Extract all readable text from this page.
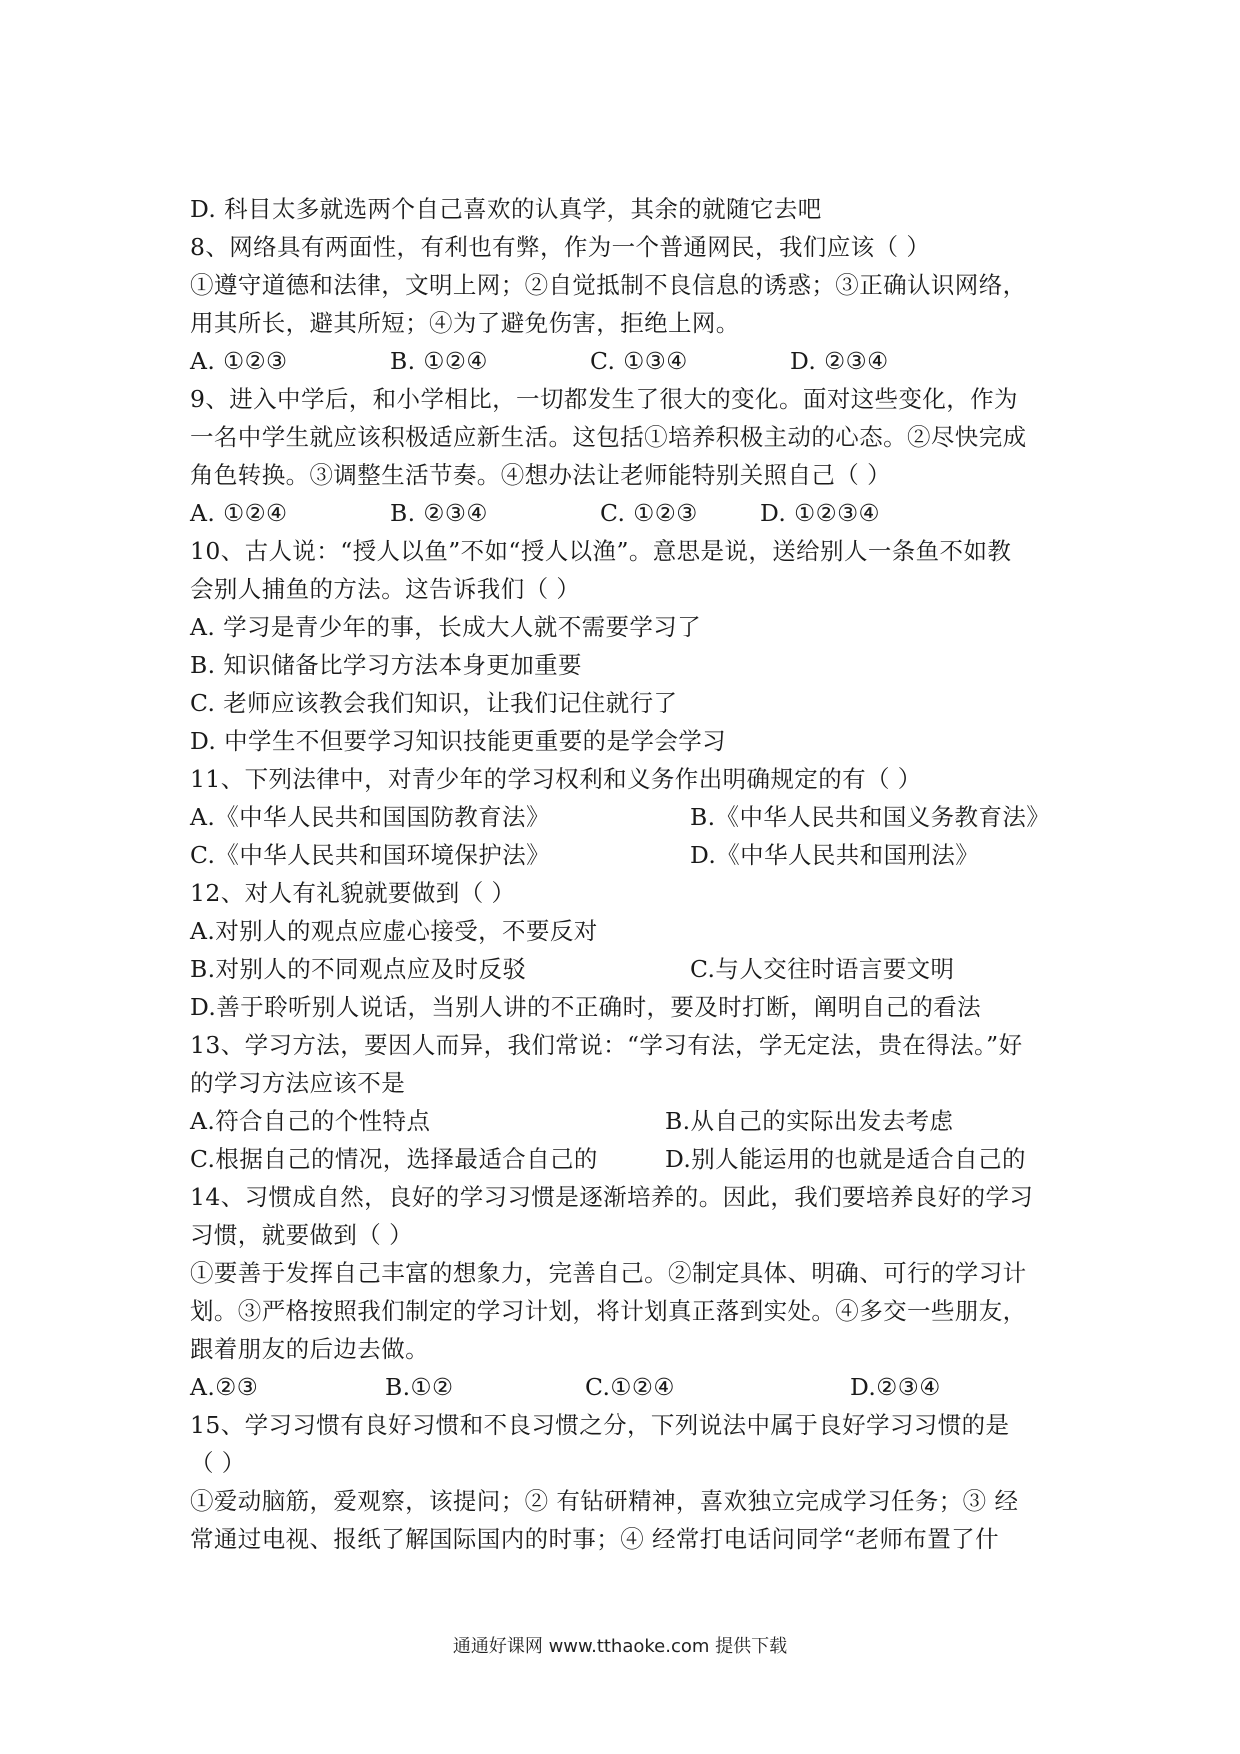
D. 科目太多就选两个自己喜欢的认真学，其余的就随它去吧
8、网络具有两面性，有利也有弊，作为一个普通网民，我们应该（ ）
①遵守道德和法律，文明上网；②自觉抵制不良信息的诱惑；③正确认识网络，
用其所长，避其所短；④为了避免伤害，拒绝上网。
A. ①②③	B. ①②④	C. ①③④	D. ②③④
9、进入中学后，和小学相比，一切都发生了很大的变化。面对这些变化，作为
一名中学生就应该积极适应新生活。这包括①培养积极主动的心态。②尽快完成
角色转换。③调整生活节奏。④想办法让老师能特别关照自己（ ）
A. ①②④	B. ②③④	C. ①②③	D. ①②③④
10、古人说：“授人以鱼”不如“授人以渔”。意思是说，送给别人一条鱼不如教
会别人捕鱼的方法。这告诉我们（ ）
A. 学习是青少年的事，长成大人就不需要学习了
B. 知识储备比学习方法本身更加重要
C. 老师应该教会我们知识，让我们记住就行了
D. 中学生不但要学习知识技能更重要的是学会学习
11、下列法律中，对青少年的学习权利和义务作出明确规定的有（ ）
A.《中华人民共和国国防教育法》	B.《中华人民共和国义务教育法》
C.《中华人民共和国环境保护法》	D.《中华人民共和国刑法》
12、对人有礼貌就要做到（ ）
A.对别人的观点应虚心接受，不要反对
B.对别人的不同观点应及时反驳	C.与人交往时语言要文明
D.善于聆听别人说话，当别人讲的不正确时，要及时打断，阐明自己的看法
13、学习方法，要因人而异，我们常说：“学习有法，学无定法，贵在得法。”好
的学习方法应该不是
A.符合自己的个性特点	B.从自己的实际出发去考虑
C.根据自己的情况，选择最适合自己的	D.别人能运用的也就是适合自己的
14、习惯成自然，良好的学习习惯是逐渐培养的。因此，我们要培养良好的学习
习惯，就要做到（ ）
①要善于发挥自己丰富的想象力，完善自己。②制定具体、明确、可行的学习计
划。③严格按照我们制定的学习计划，将计划真正落到实处。④多交一些朋友，
跟着朋友的后边去做。
A.②③	B.①②	C.①②④	D.②③④
15、学习习惯有良好习惯和不良习惯之分，下列说法中属于良好学习习惯的是
（ ）
①爱动脑筋，爱观察，该提问；② 有钻研精神，喜欢独立完成学习任务；③ 经
常通过电视、报纸了解国际国内的时事；④ 经常打电话问同学“老师布置了什
通通好课网 www.tthaoke.com 提供下载
